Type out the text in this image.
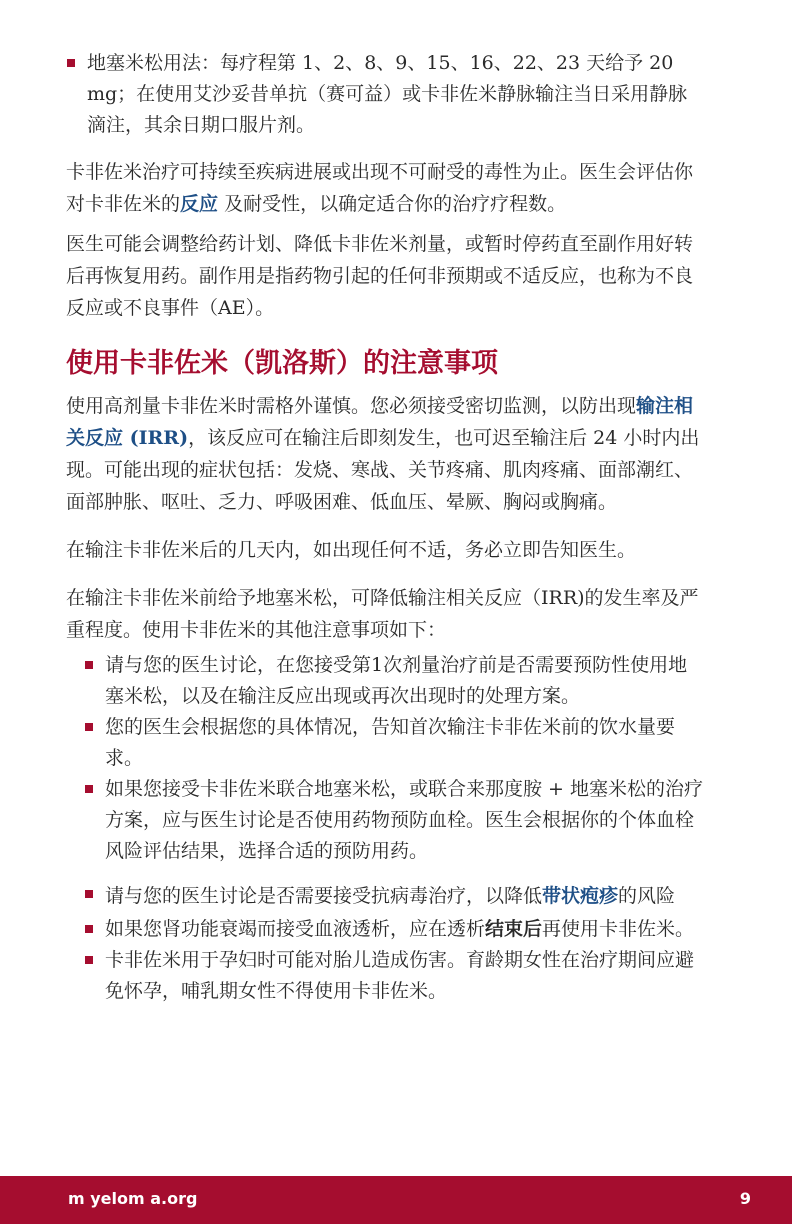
地塞米松用法：每疗程第 1、2、8、9、15、16、22、23 天给予 20 mg；在使用艾沙妥昔单抗（赛可益）或卡非佐米静脉输注当日采用静脉滴注，其余日期口服片剂。

卡非佐米治疗可持续至疾病进展或出现不可耐受的毒性为止。医生会评估你对卡非佐米的反应 及耐受性，以确定适合你的治疗疗程数。

医生可能会调整给药计划、降低卡非佐米剂量，或暂时停药直至副作用好转后再恢复用药。副作用是指药物引起的任何非预期或不适反应，也称为不良反应或不良事件（AE）。

使用卡非佐米（凯洛斯）的注意事项

使用高剂量卡非佐米时需格外谨慎。您必须接受密切监测，以防出现输注相关反应 (IRR)，该反应可在输注后即刻发生，也可迟至输注后 24 小时内出现。可能出现的症状包括：发烧、寒战、关节疼痛、肌肉疼痛、面部潮红、面部肿胀、呕吐、乏力、呼吸困难、低血压、晕厥、胸闷或胸痛。

在输注卡非佐米后的几天内，如出现任何不适，务必立即告知医生。

在输注卡非佐米前给予地塞米松，可降低输注相关反应（IRR)的发生率及严重程度。使用卡非佐米的其他注意事项如下：

请与您的医生讨论，在您接受第1次剂量治疗前是否需要预防性使用地塞米松，以及在输注反应出现或再次出现时的处理方案。
您的医生会根据您的具体情况，告知首次输注卡非佐米前的饮水量要求。
如果您接受卡非佐米联合地塞米松，或联合来那度胺 + 地塞米松的治疗方案，应与医生讨论是否使用药物预防血栓。医生会根据你的个体血栓风险评估结果，选择合适的预防用药。
请与您的医生讨论是否需要接受抗病毒治疗，以降低带状疱疹的风险
如果您肾功能衰竭而接受血液透析，应在透析结束后再使用卡非佐米。
卡非佐米用于孕妇时可能对胎儿造成伤害。育龄期女性在治疗期间应避免怀孕，哺乳期女性不得使用卡非佐米。
m yelom a.org	9
